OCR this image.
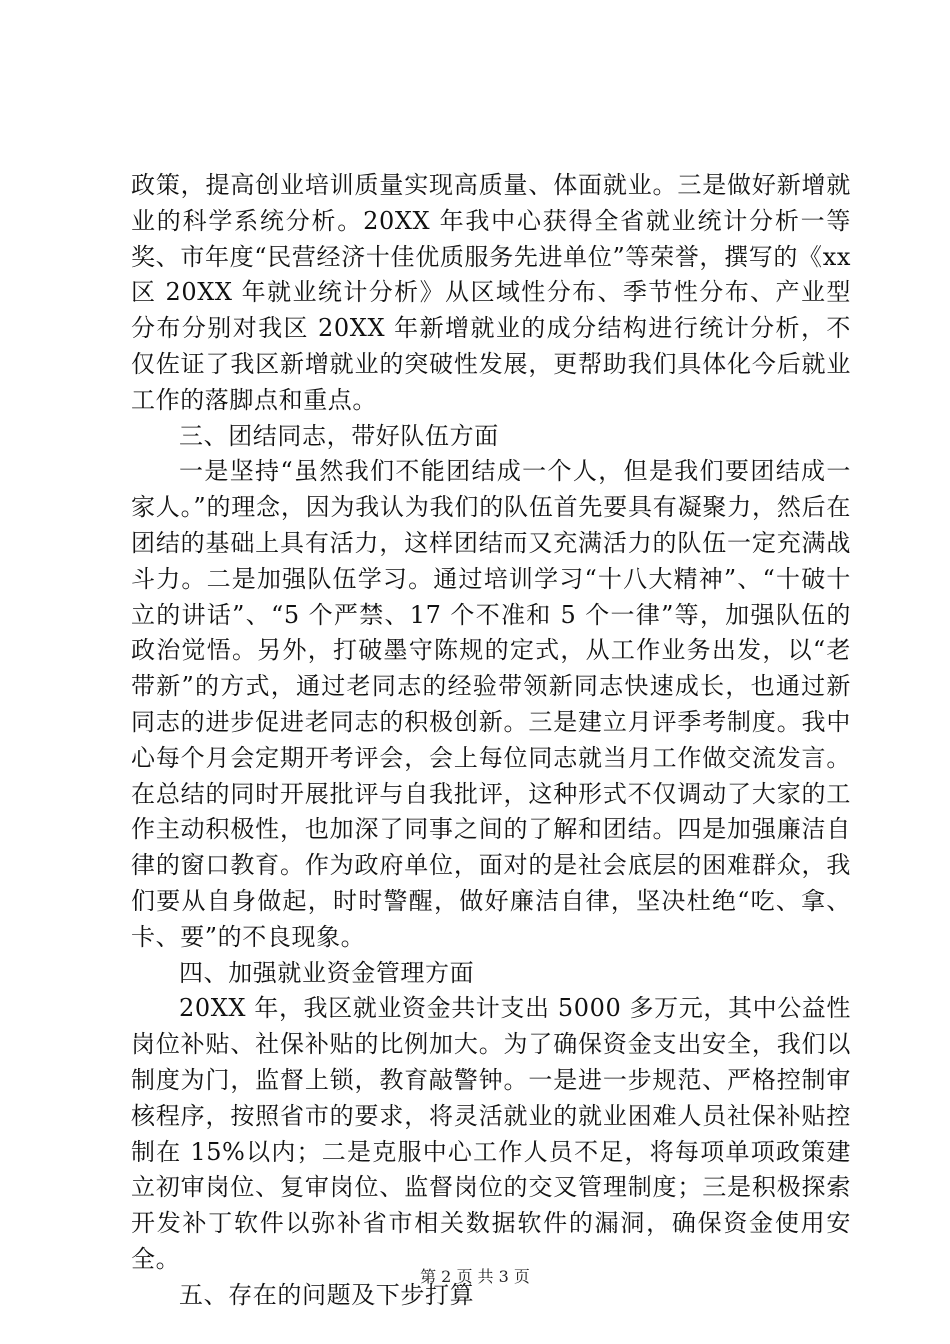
政策，提高创业培训质量实现高质量、体面就业。三是做好新增就业的科学系统分析。20XX 年我中心获得全省就业统计分析一等奖、市年度“民营经济十佳优质服务先进单位”等荣誉，撰写的《xx 区 20XX 年就业统计分析》从区域性分布、季节性分布、产业型分布分别对我区 20XX 年新增就业的成分结构进行统计分析，不仅佐证了我区新增就业的突破性发展，更帮助我们具体化今后就业工作的落脚点和重点。

三、团结同志，带好队伍方面

一是坚持“虽然我们不能团结成一个人，但是我们要团结成一家人。”的理念，因为我认为我们的队伍首先要具有凝聚力，然后在团结的基础上具有活力，这样团结而又充满活力的队伍一定充满战斗力。二是加强队伍学习。通过培训学习“十八大精神”、“十破十立的讲话”、“5 个严禁、17 个不准和 5 个一律”等，加强队伍的政治觉悟。另外，打破墨守陈规的定式，从工作业务出发，以“老带新”的方式，通过老同志的经验带领新同志快速成长，也通过新同志的进步促进老同志的积极创新。三是建立月评季考制度。我中心每个月会定期开考评会，会上每位同志就当月工作做交流发言。在总结的同时开展批评与自我批评，这种形式不仅调动了大家的工作主动积极性，也加深了同事之间的了解和团结。四是加强廉洁自律的窗口教育。作为政府单位，面对的是社会底层的困难群众，我们要从自身做起，时时警醒，做好廉洁自律，坚决杜绝“吃、拿、卡、要”的不良现象。

四、加强就业资金管理方面

20XX 年，我区就业资金共计支出 5000 多万元，其中公益性岗位补贴、社保补贴的比例加大。为了确保资金支出安全，我们以制度为门，监督上锁，教育敲警钟。一是进一步规范、严格控制审核程序，按照省市的要求，将灵活就业的就业困难人员社保补贴控制在 15%以内；二是克服中心工作人员不足，将每项单项政策建立初审岗位、复审岗位、监督岗位的交叉管理制度；三是积极探索开发补丁软件以弥补省市相关数据软件的漏洞，确保资金使用安全。

五、存在的问题及下步打算

第 2 页 共 3 页
